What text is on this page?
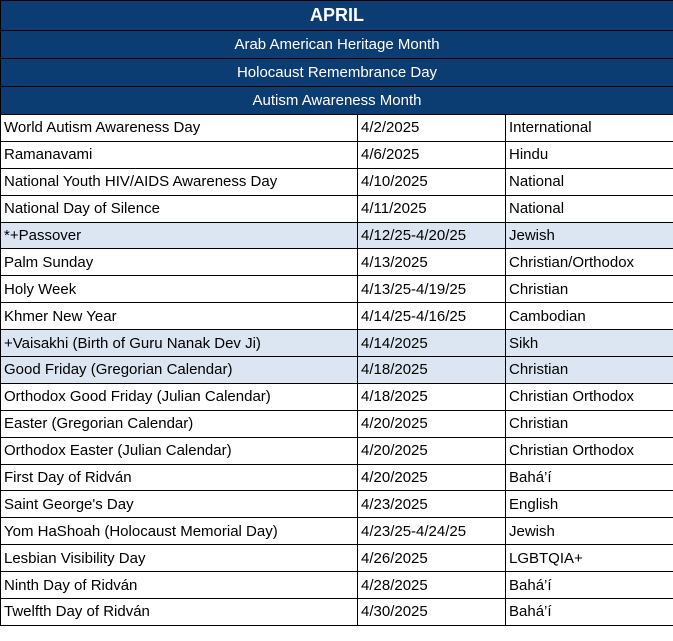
APRIL		
Arab American Heritage Month		
Holocaust Remembrance Day		
Autism Awareness Month		
World Autism Awareness Day	4/2/2025	International
Ramanavami	4/6/2025	Hindu
National Youth HIV/AIDS Awareness Day	4/10/2025	National
National Day of Silence	4/11/2025	National
*+Passover	4/12/25-4/20/25	Jewish
Palm Sunday	4/13/2025	Christian/Orthodox
Holy Week	4/13/25-4/19/25	Christian
Khmer New Year	4/14/25-4/16/25	Cambodian
+Vaisakhi (Birth of Guru Nanak Dev Ji)	4/14/2025	Sikh
Good Friday (Gregorian Calendar)	4/18/2025	Christian
Orthodox Good Friday (Julian Calendar)	4/18/2025	Christian Orthodox
Easter (Gregorian Calendar)	4/20/2025	Christian
Orthodox Easter (Julian Calendar)	4/20/2025	Christian Orthodox
First Day of Ridván	4/20/2025	Bahá’í
Saint George's Day	4/23/2025	English
Yom HaShoah (Holocaust Memorial Day)	4/23/25-4/24/25	Jewish
Lesbian Visibility Day	4/26/2025	LGBTQIA+
Ninth Day of Ridván	4/28/2025	Bahá’í
Twelfth Day of Ridván	4/30/2025	Bahá’í
